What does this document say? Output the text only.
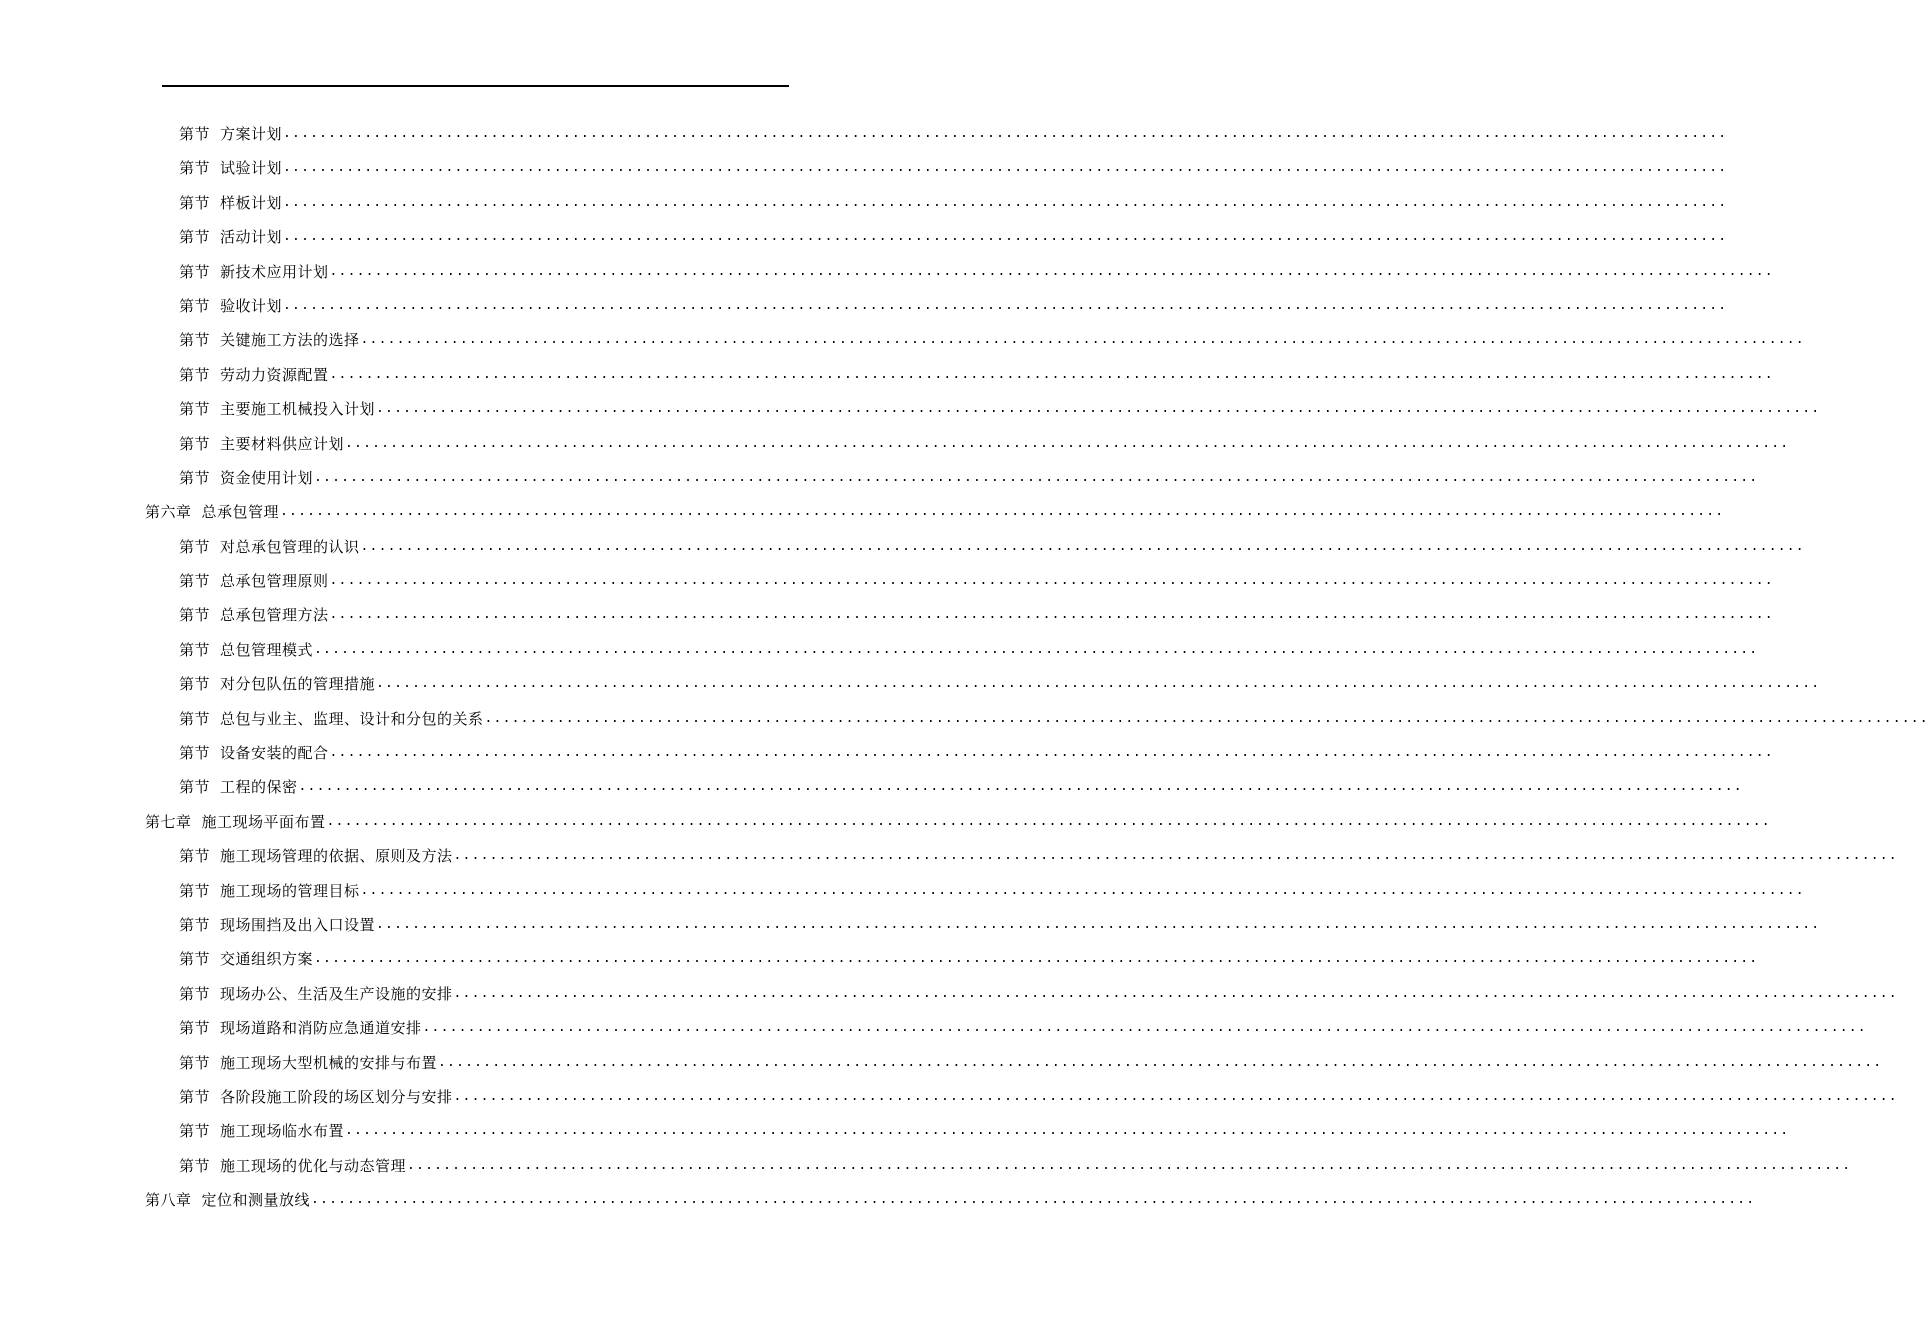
第节 方案计划 ................................................................................................................................................................
第节 试验计划 ................................................................................................................................................................
第节 样板计划 ................................................................................................................................................................
第节 活动计划 ................................................................................................................................................................
第节 新技术应用计划 ................................................................................................................................................................
第节 验收计划 ................................................................................................................................................................
第节 关键施工方法的选择 ................................................................................................................................................................
第节 劳动力资源配置 ................................................................................................................................................................
第节 主要施工机械投入计划 ................................................................................................................................................................
第节 主要材料供应计划 ................................................................................................................................................................
第节 资金使用计划 ................................................................................................................................................................
第六章 总承包管理 ................................................................................................................................................................
第节 对总承包管理的认识 ................................................................................................................................................................
第节 总承包管理原则 ................................................................................................................................................................
第节 总承包管理方法 ................................................................................................................................................................
第节 总包管理模式 ................................................................................................................................................................
第节 对分包队伍的管理措施 ................................................................................................................................................................
第节 总包与业主、监理、设计和分包的关系 ................................................................................................................................................................
第节 设备安装的配合 ................................................................................................................................................................
第节 工程的保密 ................................................................................................................................................................
第七章 施工现场平面布置 ................................................................................................................................................................
第节 施工现场管理的依据、原则及方法 ................................................................................................................................................................
第节 施工现场的管理目标 ................................................................................................................................................................
第节 现场围挡及出入口设置 ................................................................................................................................................................
第节 交通组织方案 ................................................................................................................................................................
第节 现场办公、生活及生产设施的安排 ................................................................................................................................................................
第节 现场道路和消防应急通道安排 ................................................................................................................................................................
第节 施工现场大型机械的安排与布置 ................................................................................................................................................................
第节 各阶段施工阶段的场区划分与安排 ................................................................................................................................................................
第节 施工现场临水布置 ................................................................................................................................................................
第节 施工现场的优化与动态管理 ................................................................................................................................................................
第八章 定位和测量放线 ................................................................................................................................................................
